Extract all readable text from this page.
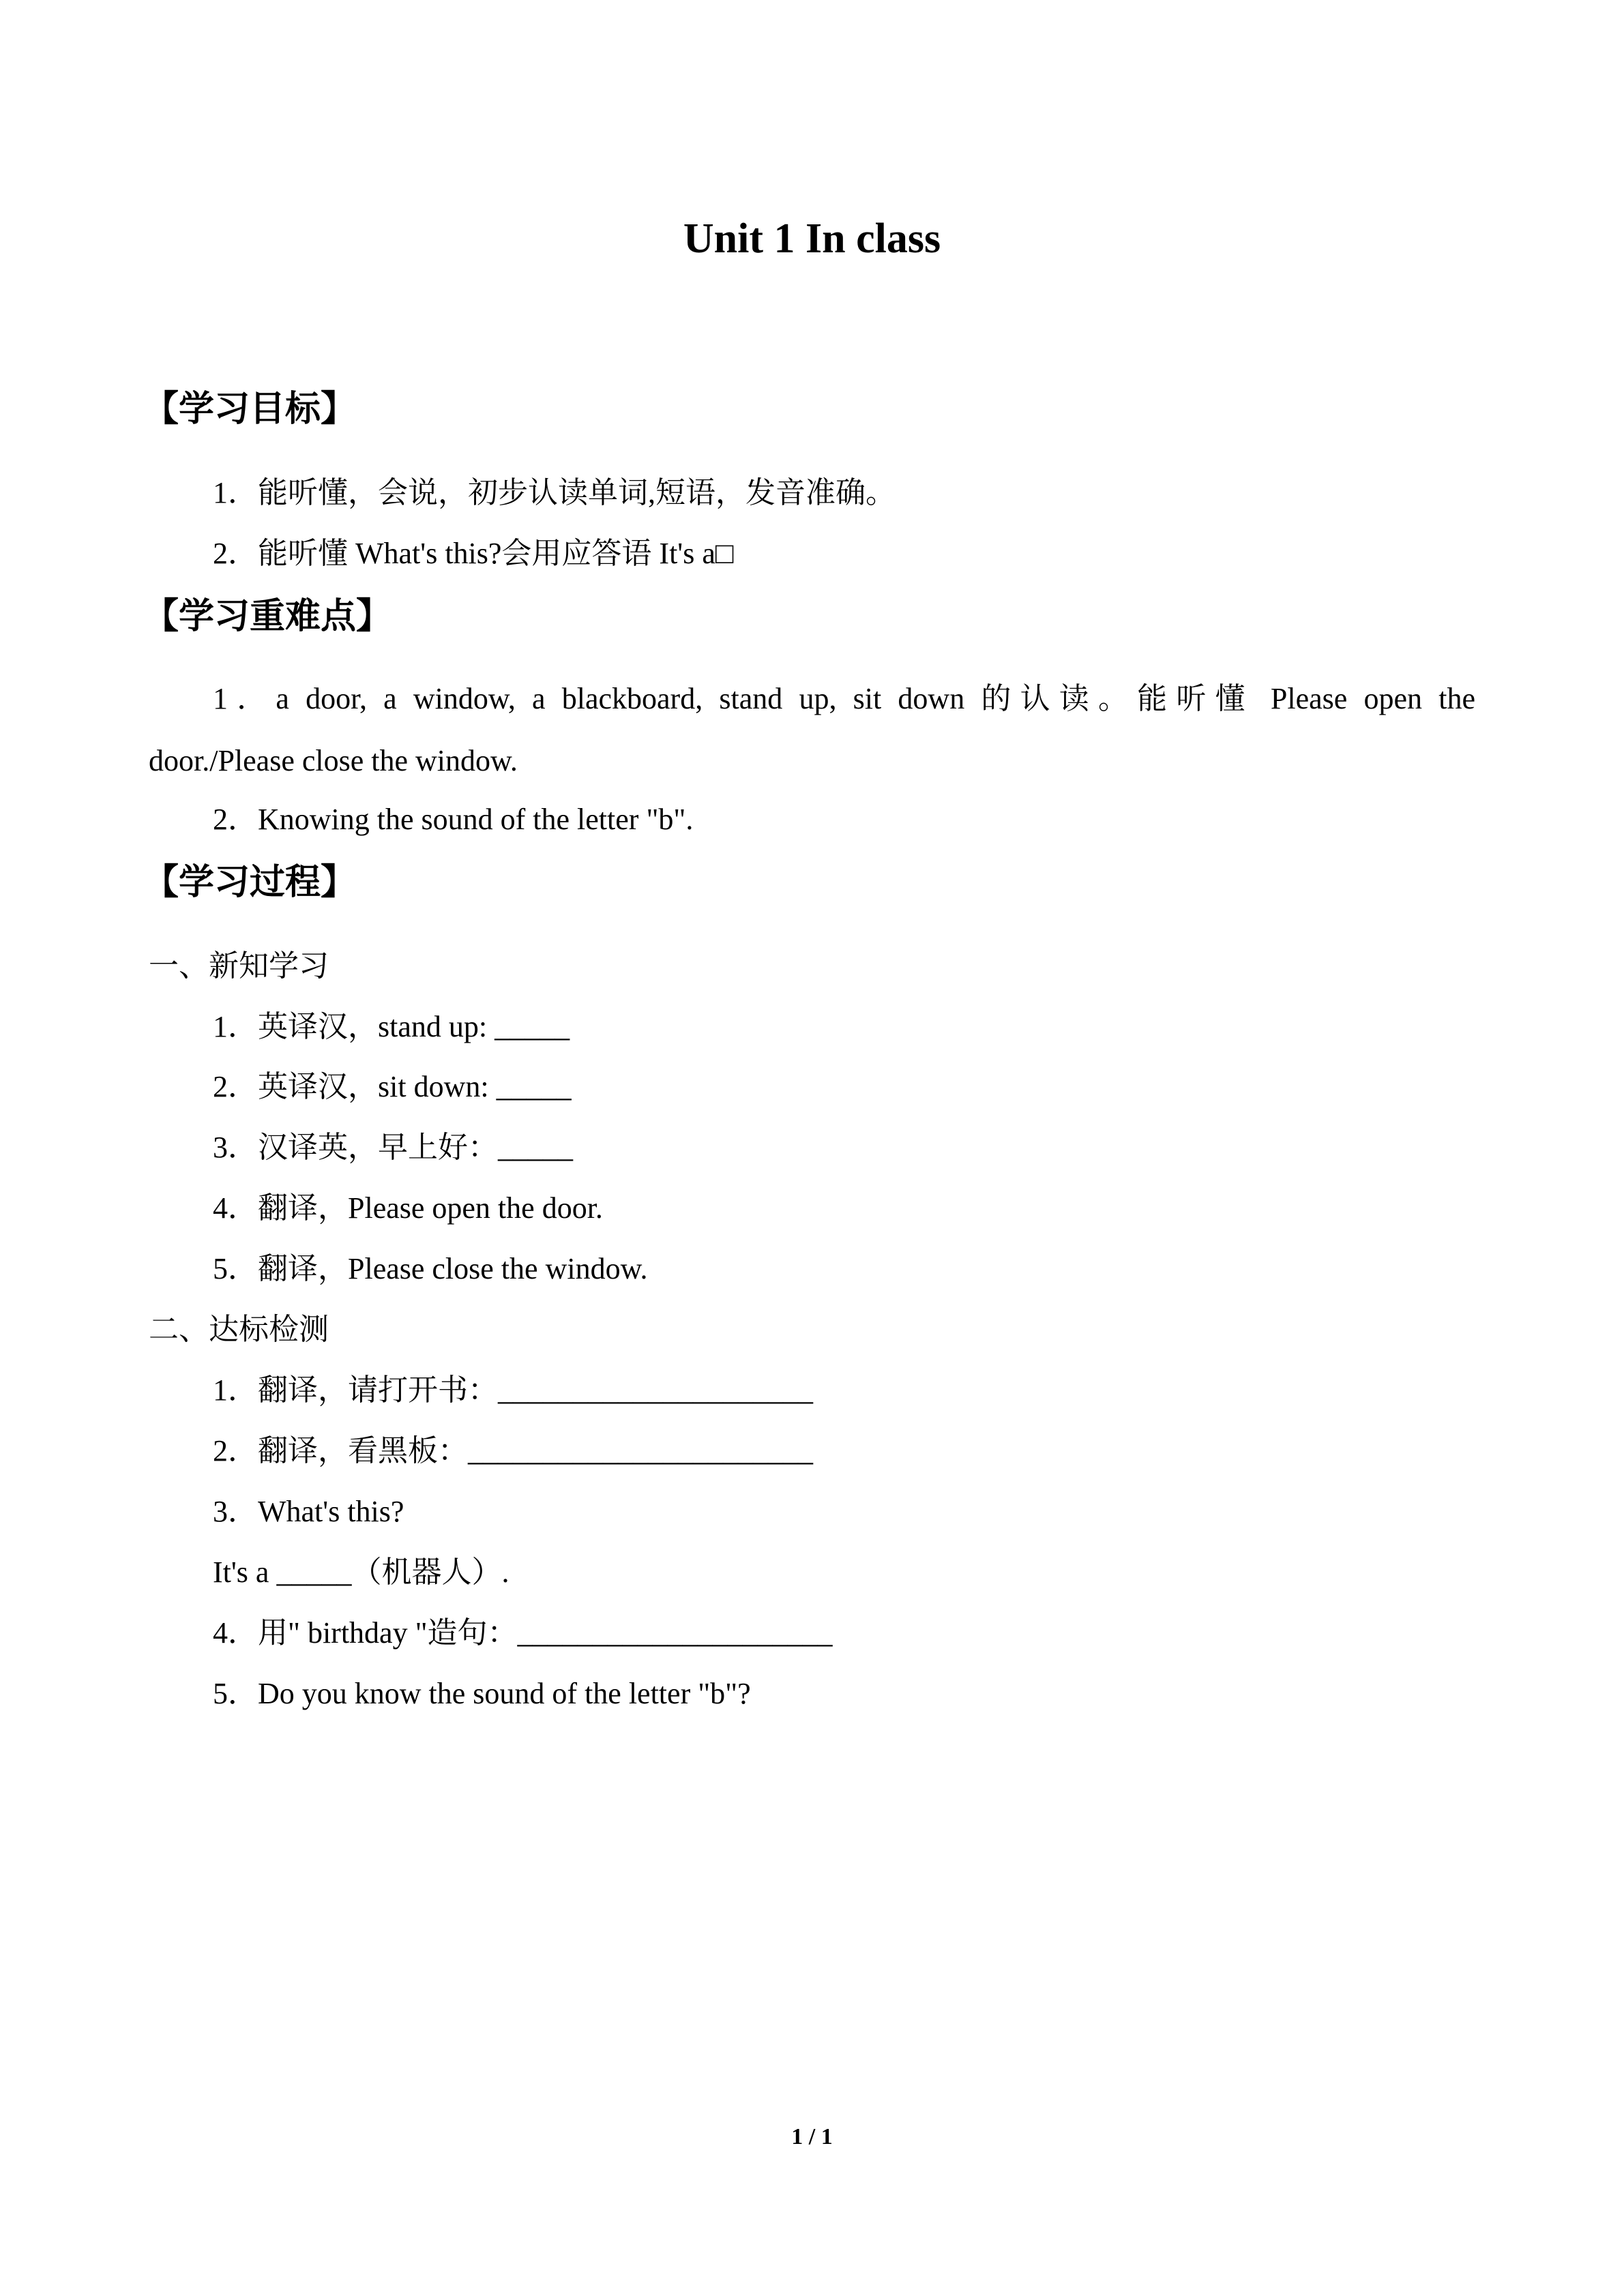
Unit 1 In class
【学习目标】
1．能听懂，会说，初步认读单词,短语，发音准确。
2．能听懂 What's this?会用应答语 It's a□
【学习重难点】
1．a door, a window, a blackboard, stand up, sit down 的认读。能听懂 Please open the
door./Please close the window.
2．Knowing the sound of the letter "b".
【学习过程】
一、新知学习
1．英译汉，stand up: _____
2．英译汉，sit down: _____
3．汉译英，早上好：_____
4．翻译，Please open the door.
5．翻译，Please close the window.
二、达标检测
1．翻译，请打开书：_____________________
2．翻译，看黑板：_______________________
3．What's this?
It's a _____（机器人）.
4．用" birthday "造句：_____________________
5．Do you know the sound of the letter "b"?
1 / 1
